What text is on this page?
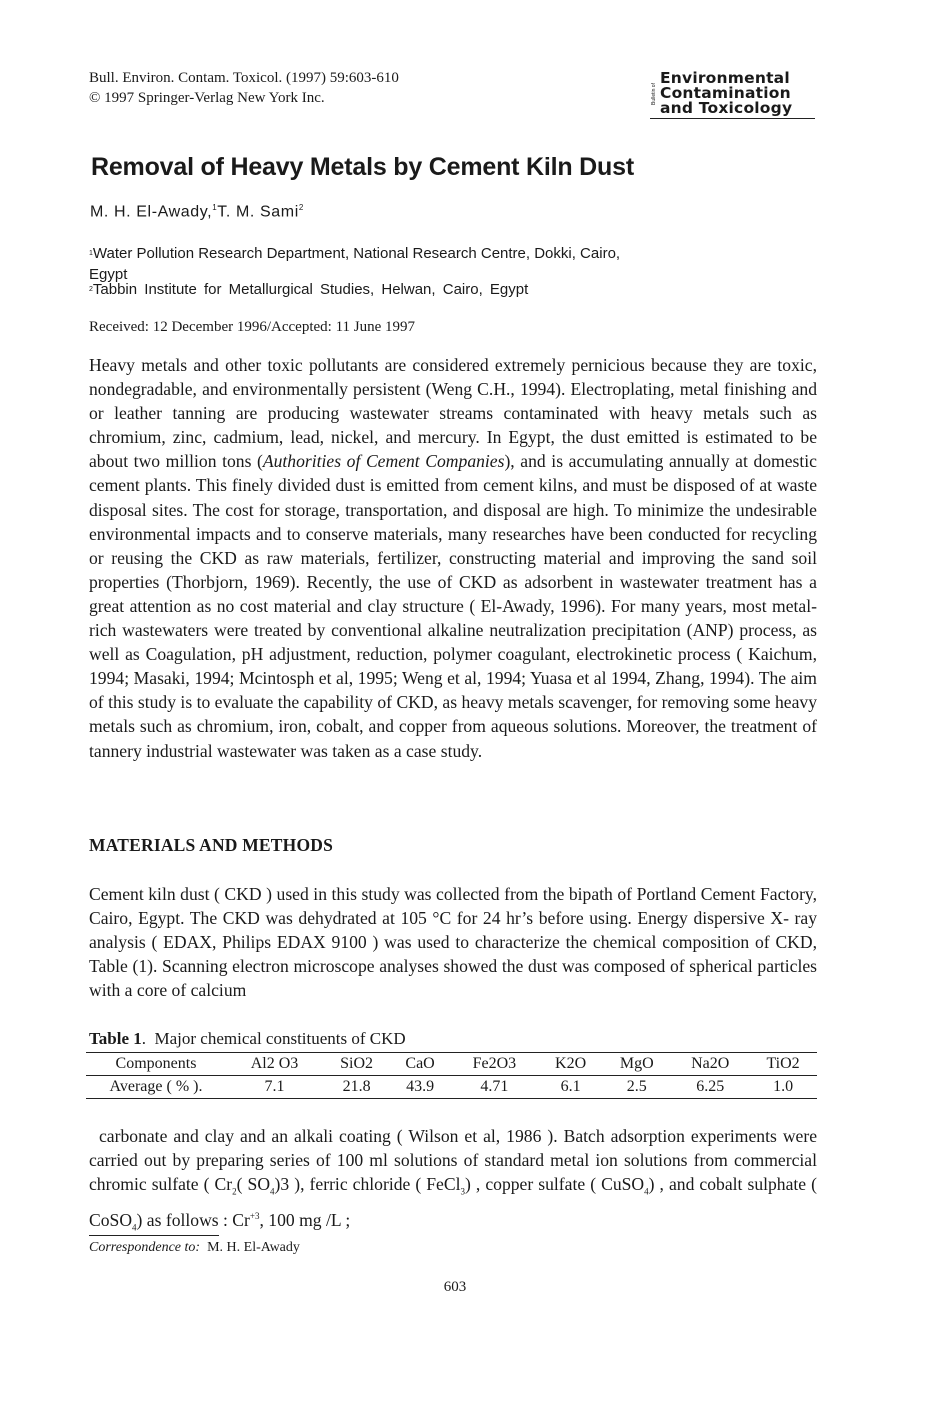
Bull. Environ. Contam. Toxicol. (1997) 59:603-610
© 1997 Springer-Verlag New York Inc.	Bulletin of
Environmental
Contamination
and Toxicology
Removal of Heavy Metals by Cement Kiln Dust
M. H. El-Awady,$^1$T. M. Sami$^2$
$^1$Water Pollution Research Department, National Research Centre, Dokki, Cairo,
Egypt
$^2$Tabbin Institute for Metallurgical Studies, Helwan, Cairo, Egypt
Received: 12 December 1996/Accepted: 11 June 1997
Heavy metals and other toxic pollutants are considered extremely pernicious because they are toxic, nondegradable, and environmentally persistent (Weng C.H., 1994). Electroplating, metal finishing and or leather tanning are producing wastewater streams contaminated with heavy metals such as chromium, zinc, cadmium, lead, nickel, and mercury. In Egypt, the dust emitted is estimated to be about two million tons (Authorities of Cement Companies), and is accumulating annually at domestic cement plants. This finely divided dust is emitted from cement kilns, and must be disposed of at waste disposal sites. The cost for storage, transportation, and disposal are high. To minimize the undesirable environmental impacts and to conserve materials, many researches have been conducted for recycling or reusing the CKD as raw materials, fertilizer, constructing material and improving the sand soil properties (Thorbjorn, 1969). Recently, the use of CKD as adsorbent in wastewater treatment has a great attention as no cost material and clay structure ( El-Awady, 1996). For many years, most metal- rich wastewaters were treated by conventional alkaline neutralization precipitation (ANP) process, as well as Coagulation, pH adjustment, reduction, polymer coagulant, electrokinetic process ( Kaichum, 1994; Masaki, 1994; Mcintosph et al, 1995; Weng et al, 1994; Yuasa et al 1994, Zhang, 1994). The aim of this study is to evaluate the capability of CKD, as heavy metals scavenger, for removing some heavy metals such as chromium, iron, cobalt, and copper from aqueous solutions. Moreover, the treatment of tannery industrial wastewater was taken as a case study.
MATERIALS AND METHODS
Cement kiln dust ( CKD ) used in this study was collected from the bipath of Portland Cement Factory, Cairo, Egypt. The CKD was dehydrated at 105 °C for 24 hr’s before using. Energy dispersive X- ray analysis ( EDAX, Philips EDAX 9100 ) was used to characterize the chemical composition of CKD, Table (1). Scanning electron microscope analyses showed the dust was composed of spherical particles with a core of calcium
Table 1.  Major chemical constituents of CKD
Components	Al2 O3	SiO2	CaO	Fe2O3	K2O	MgO	Na2O	TiO2
Average ( % ).	7.1	21.8	43.9	4.71	6.1	2.5	6.25	1.0
carbonate and clay and an alkali coating ( Wilson et al, 1986 ). Batch adsorption experiments were carried out by preparing series of 100 ml solutions of standard metal ion solutions from commercial chromic sulfate ( $Cr_2$( $SO_4)3$ ), ferric chloride ( FeCl$_3$) , copper sulfate ( CuSO$_4$) , and cobalt sulphate ( CoSO$_4$) as follows : $Cr^{+3}$, 100 mg /L ;
Correspondence to: M. H. El-Awady
603
